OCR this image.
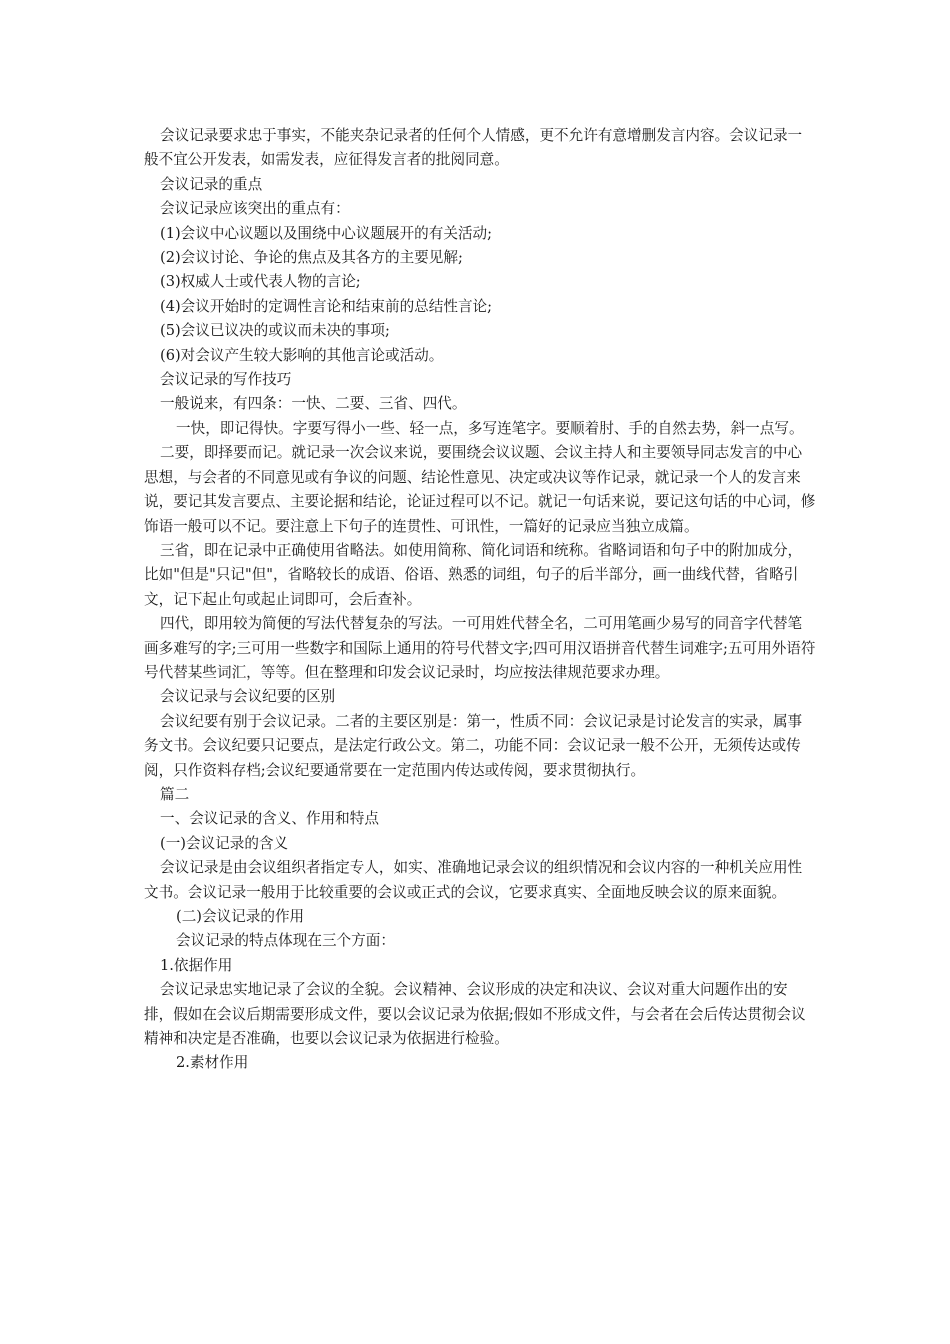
会议记录要求忠于事实，不能夹杂记录者的任何个人情感，更不允许有意增删发言内容。会议记录一般不宜公开发表，如需发表，应征得发言者的批阅同意。

会议记录的重点

会议记录应该突出的重点有：

(1)会议中心议题以及围绕中心议题展开的有关活动;

(2)会议讨论、争论的焦点及其各方的主要见解;

(3)权威人士或代表人物的言论;

(4)会议开始时的定调性言论和结束前的总结性言论;

(5)会议已议决的或议而未决的事项;

(6)对会议产生较大影响的其他言论或活动。

会议记录的写作技巧

一般说来，有四条：一快、二要、三省、四代。

一快，即记得快。字要写得小一些、轻一点，多写连笔字。要顺着肘、手的自然去势，斜一点写。

二要，即择要而记。就记录一次会议来说，要围绕会议议题、会议主持人和主要领导同志发言的中心思想，与会者的不同意见或有争议的问题、结论性意见、决定或决议等作记录，就记录一个人的发言来说，要记其发言要点、主要论据和结论，论证过程可以不记。就记一句话来说，要记这句话的中心词，修饰语一般可以不记。要注意上下句子的连贯性、可讯性，一篇好的记录应当独立成篇。

三省，即在记录中正确使用省略法。如使用简称、简化词语和统称。省略词语和句子中的附加成分，比如"但是"只记"但"，省略较长的成语、俗语、熟悉的词组，句子的后半部分，画一曲线代替，省略引文，记下起止句或起止词即可，会后查补。

四代，即用较为简便的写法代替复杂的写法。一可用姓代替全名，二可用笔画少易写的同音字代替笔画多难写的字;三可用一些数字和国际上通用的符号代替文字;四可用汉语拼音代替生词难字;五可用外语符号代替某些词汇，等等。但在整理和印发会议记录时，均应按法律规范要求办理。

会议记录与会议纪要的区别

会议纪要有别于会议记录。二者的主要区别是：第一，性质不同：会议记录是讨论发言的实录，属事务文书。会议纪要只记要点，是法定行政公文。第二，功能不同：会议记录一般不公开，无须传达或传阅，只作资料存档;会议纪要通常要在一定范围内传达或传阅，要求贯彻执行。

篇二

一、会议记录的含义、作用和特点

(一)会议记录的含义

会议记录是由会议组织者指定专人，如实、准确地记录会议的组织情况和会议内容的一种机关应用性文书。会议记录一般用于比较重要的会议或正式的会议，它要求真实、全面地反映会议的原来面貌。

(二)会议记录的作用

会议记录的特点体现在三个方面：

1.依据作用

会议记录忠实地记录了会议的全貌。会议精神、会议形成的决定和决议、会议对重大问题作出的安排，假如在会议后期需要形成文件，要以会议记录为依据;假如不形成文件，与会者在会后传达贯彻会议精神和决定是否准确，也要以会议记录为依据进行检验。

2.素材作用
